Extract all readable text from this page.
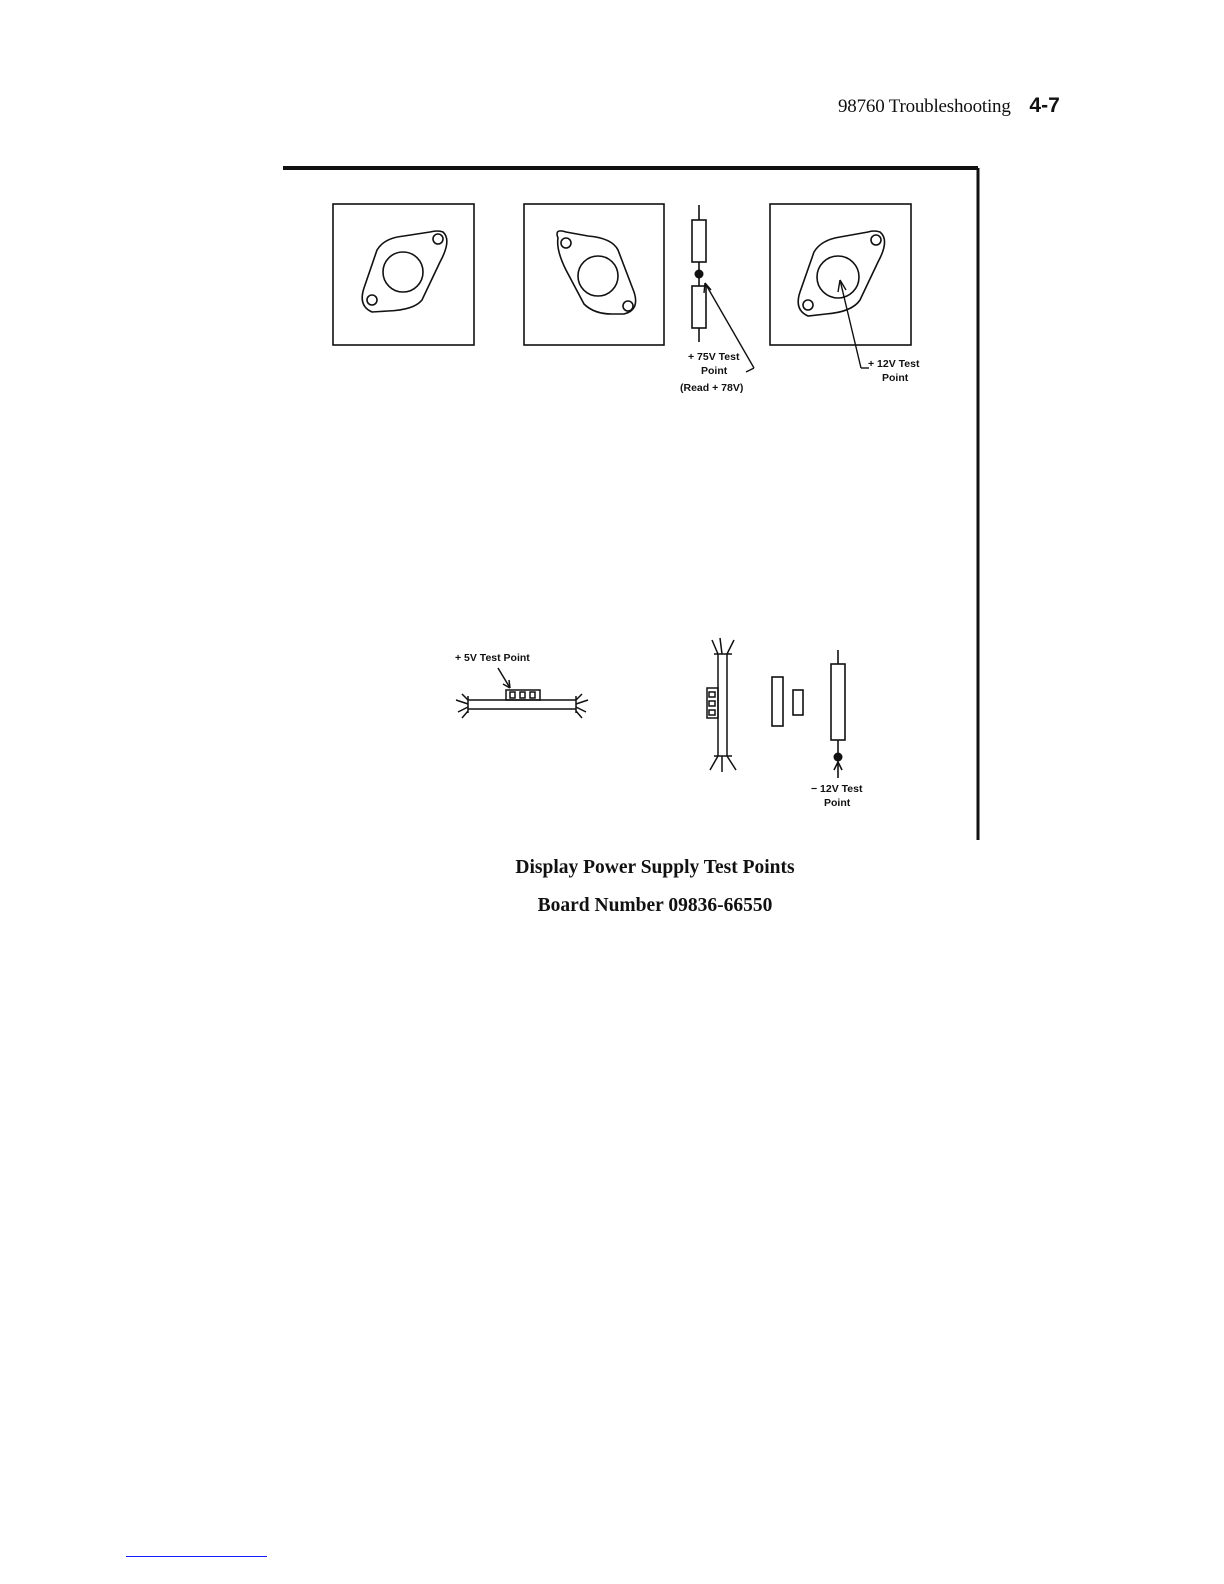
98760 Troubleshooting 4-7
+ 75V Test
Point
(Read + 78V)
+ 12V Test
Point
+ 5V Test Point
− 12V Test
Point
Display Power Supply Test Points
Board Number 09836-66550
